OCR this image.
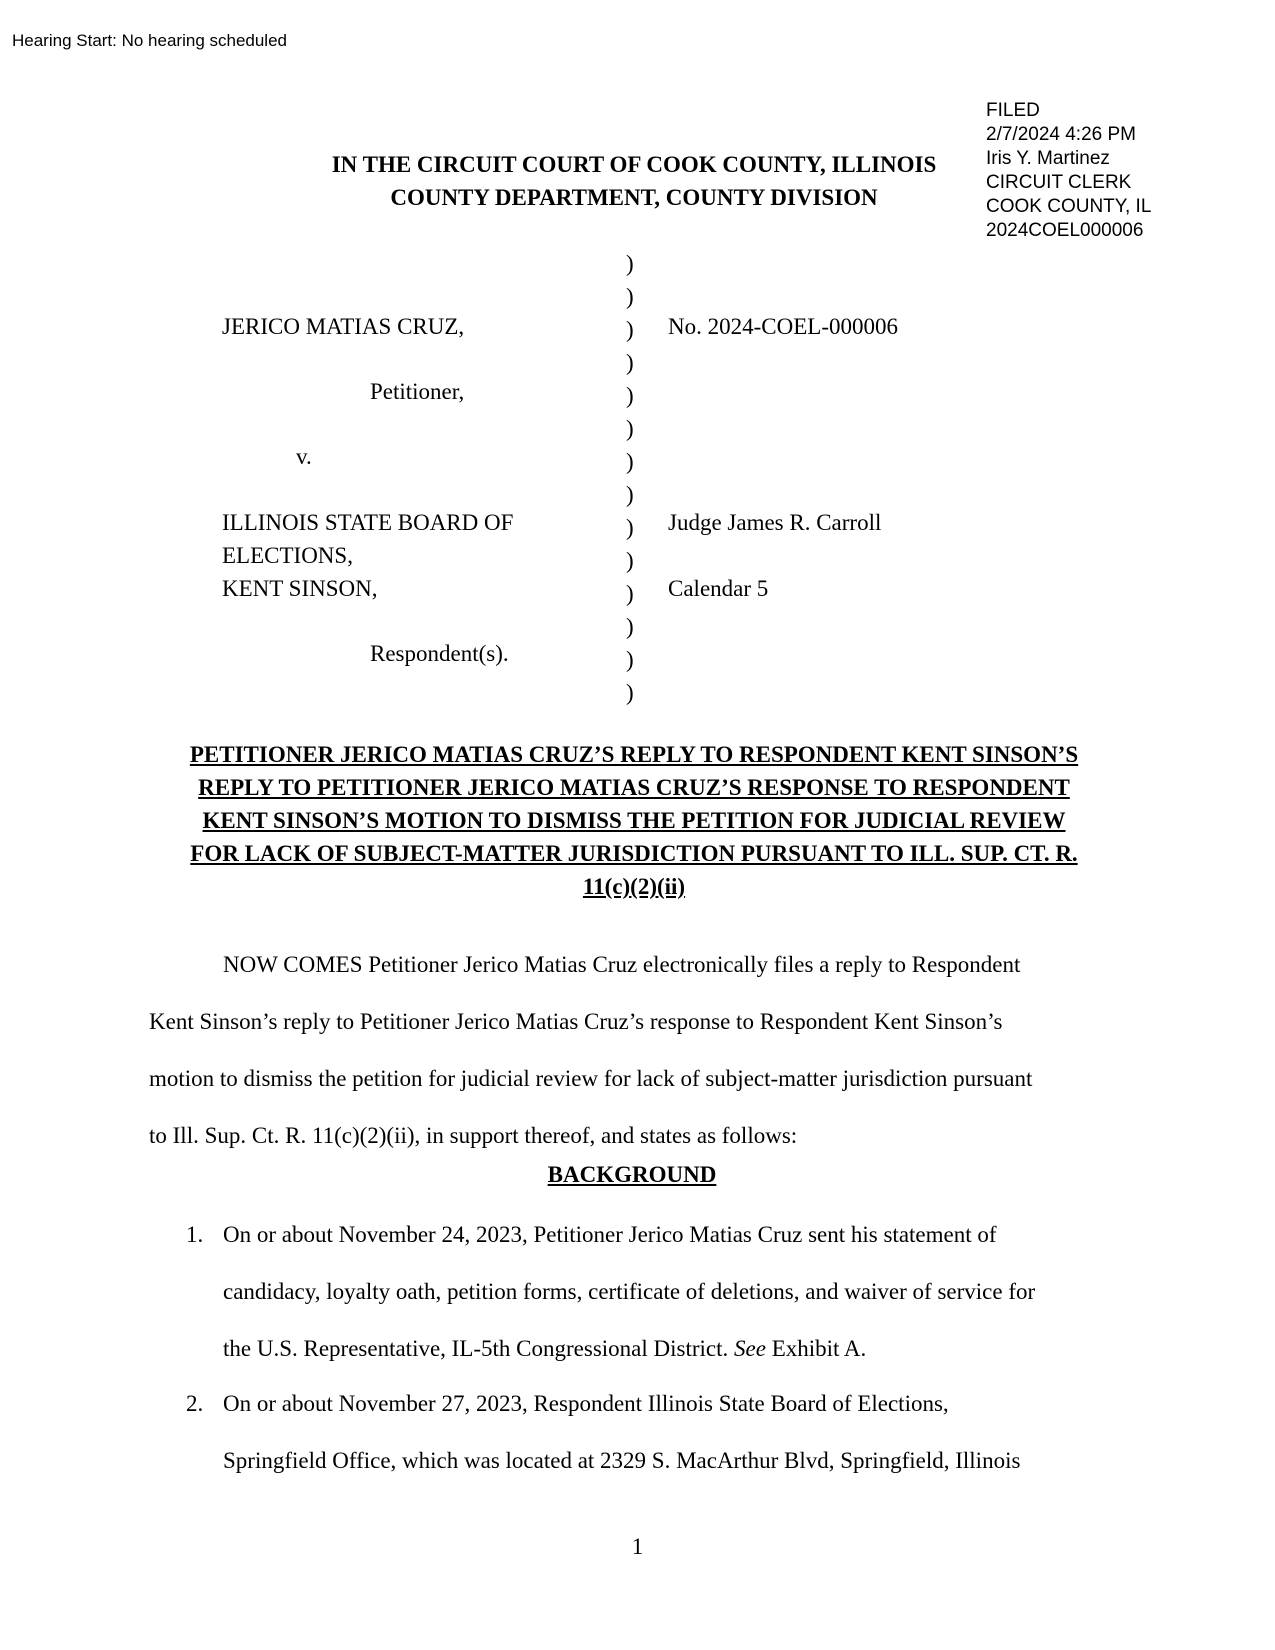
Hearing Start: No hearing scheduled
FILED
2/7/2024 4:26 PM
Iris Y. Martinez
CIRCUIT CLERK
COOK COUNTY, IL
2024COEL000006
IN THE CIRCUIT COURT OF COOK COUNTY, ILLINOIS
COUNTY DEPARTMENT, COUNTY DIVISION
JERICO MATIAS CRUZ,
Petitioner,
v.
ILLINOIS STATE BOARD OF
ELECTIONS,
KENT SINSON,
Respondent(s).
)
)
)
)
)
)
)
)
)
)
)
)
)
)
No. 2024-COEL-000006
Judge James R. Carroll
Calendar 5
PETITIONER JERICO MATIAS CRUZ’S REPLY TO RESPONDENT KENT SINSON’S
REPLY TO PETITIONER JERICO MATIAS CRUZ’S RESPONSE TO RESPONDENT
KENT SINSON’S MOTION TO DISMISS THE PETITION FOR JUDICIAL REVIEW
FOR LACK OF SUBJECT-MATTER JURISDICTION PURSUANT TO ILL. SUP. CT. R.
11(c)(2)(ii)
NOW COMES Petitioner Jerico Matias Cruz electronically files a reply to Respondent
Kent Sinson’s reply to Petitioner Jerico Matias Cruz’s response to Respondent Kent Sinson’s
motion to dismiss the petition for judicial review for lack of subject-matter jurisdiction pursuant
to Ill. Sup. Ct. R. 11(c)(2)(ii), in support thereof, and states as follows:
BACKGROUND
1. On or about November 24, 2023, Petitioner Jerico Matias Cruz sent his statement of
candidacy, loyalty oath, petition forms, certificate of deletions, and waiver of service for
the U.S. Representative, IL-5th Congressional District. See Exhibit A.
2. On or about November 27, 2023, Respondent Illinois State Board of Elections,
Springfield Office, which was located at 2329 S. MacArthur Blvd, Springfield, Illinois
1
